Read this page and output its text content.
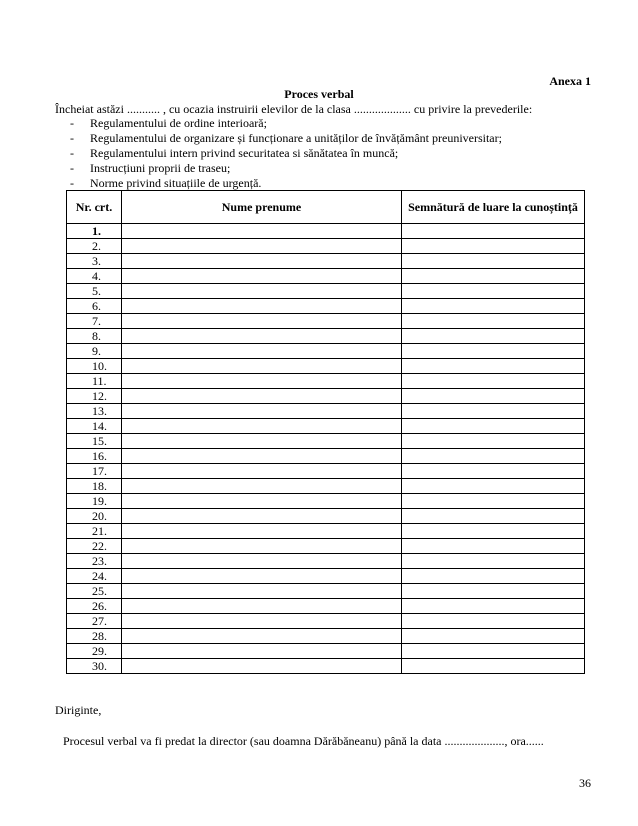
Anexa 1
Proces verbal
Încheiat astăzi ........... , cu ocazia instruirii elevilor de la clasa ................... cu privire la prevederile:
- Regulamentului de ordine interioară;
- Regulamentului de organizare și funcționare a unităților de învățământ preuniversitar;
- Regulamentului intern privind securitatea si sănătatea în muncă;
- Instrucțiuni proprii de traseu;
- Norme privind situațiile de urgență.
Nr. crt.	Nume prenume	Semnătură de luare la cunoștință
1.		
2.		
3.		
4.		
5.		
6.		
7.		
8.		
9.		
10.		
11.		
12.		
13.		
14.		
15.		
16.		
17.		
18.		
19.		
20.		
21.		
22.		
23.		
24.		
25.		
26.		
27.		
28.		
29.		
30.		
Diriginte,
Procesul verbal va fi predat la director (sau doamna Dărăbăneanu) până la data ...................., ora......
36
